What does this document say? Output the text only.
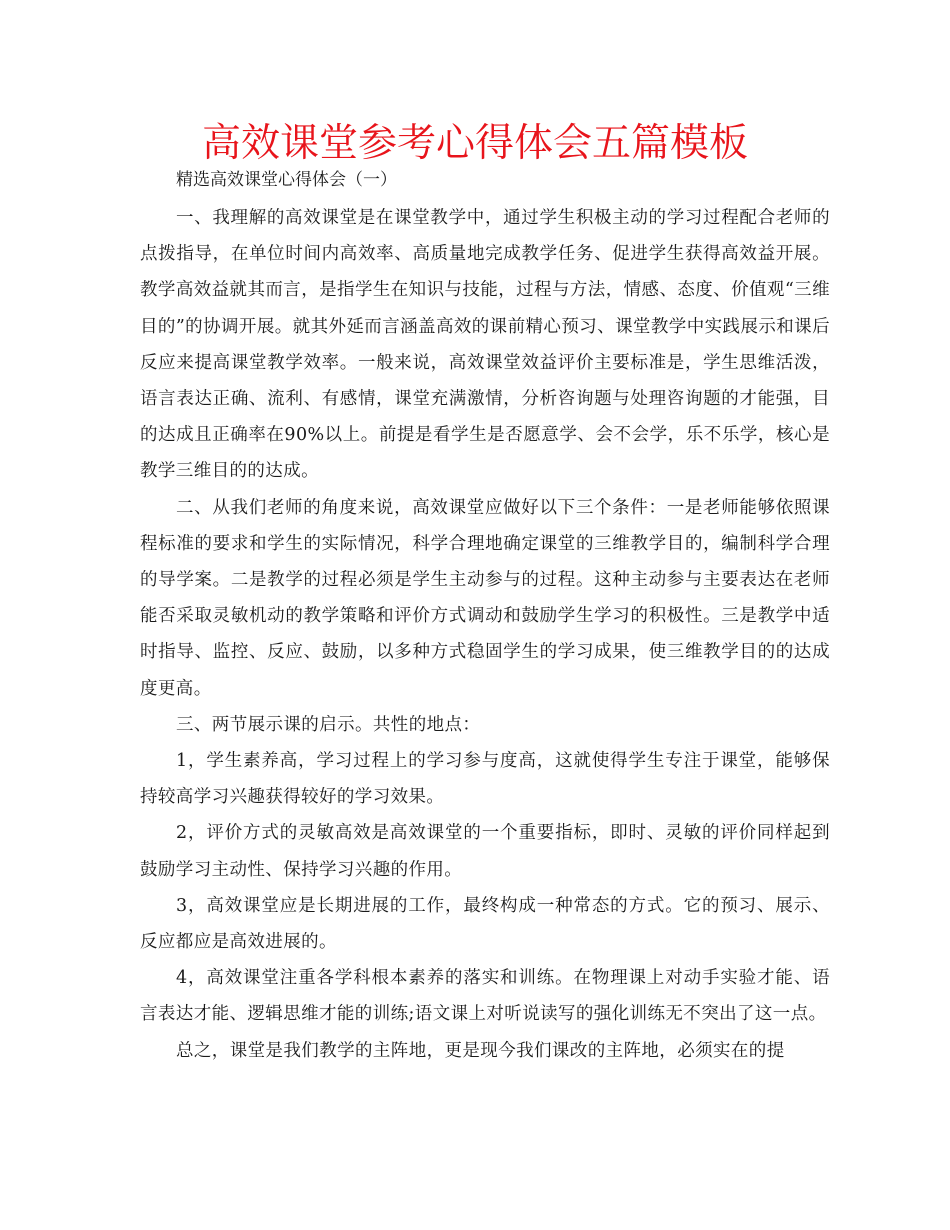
高效课堂参考心得体会五篇模板

精选高效课堂心得体会（一）

一、我理解的高效课堂是在课堂教学中，通过学生积极主动的学习过程配合老师的点拨指导，在单位时间内高效率、高质量地完成教学任务、促进学生获得高效益开展。教学高效益就其而言，是指学生在知识与技能，过程与方法，情感、态度、价值观“三维目的”的协调开展。就其外延而言涵盖高效的课前精心预习、课堂教学中实践展示和课后反应来提高课堂教学效率。一般来说，高效课堂效益评价主要标准是，学生思维活泼，语言表达正确、流利、有感情，课堂充满激情，分析咨询题与处理咨询题的才能强，目的达成且正确率在90%以上。前提是看学生是否愿意学、会不会学，乐不乐学，核心是教学三维目的的达成。

二、从我们老师的角度来说，高效课堂应做好以下三个条件：一是老师能够依照课程标准的要求和学生的实际情况，科学合理地确定课堂的三维教学目的，编制科学合理的导学案。二是教学的过程必须是学生主动参与的过程。这种主动参与主要表达在老师能否采取灵敏机动的教学策略和评价方式调动和鼓励学生学习的积极性。三是教学中适时指导、监控、反应、鼓励，以多种方式稳固学生的学习成果，使三维教学目的的达成度更高。

三、两节展示课的启示。共性的地点：

1，学生素养高，学习过程上的学习参与度高，这就使得学生专注于课堂，能够保持较高学习兴趣获得较好的学习效果。

2，评价方式的灵敏高效是高效课堂的一个重要指标，即时、灵敏的评价同样起到鼓励学习主动性、保持学习兴趣的作用。

3，高效课堂应是长期进展的工作，最终构成一种常态的方式。它的预习、展示、反应都应是高效进展的。

4，高效课堂注重各学科根本素养的落实和训练。在物理课上对动手实验才能、语言表达才能、逻辑思维才能的训练;语文课上对听说读写的强化训练无不突出了这一点。

总之，课堂是我们教学的主阵地，更是现今我们课改的主阵地，必须实在的提
